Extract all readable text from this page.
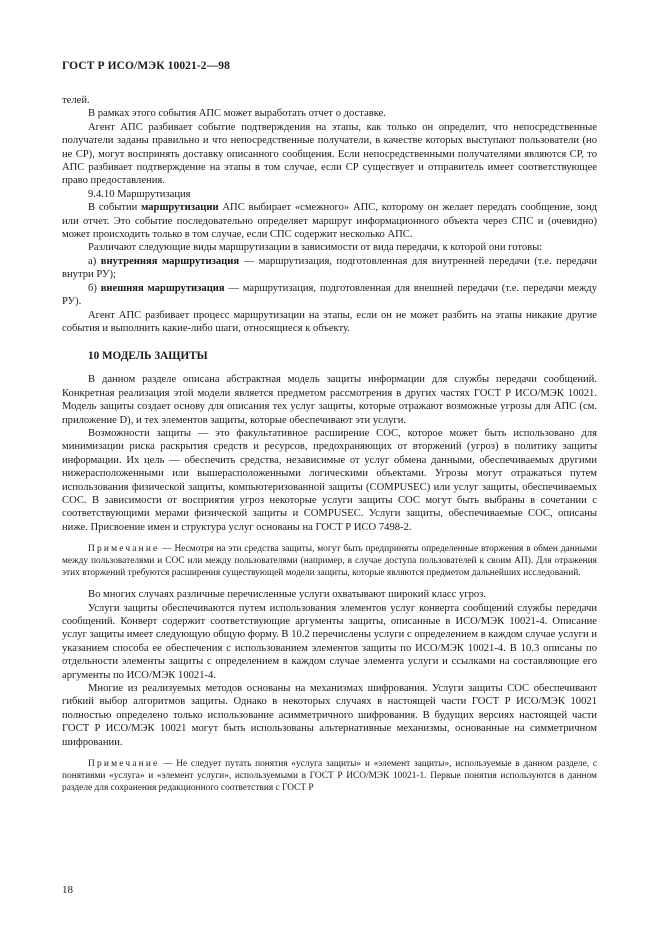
ГОСТ Р ИСО/МЭК 10021-2—98

телей.

В рамках этого события АПС может выработать отчет о доставке.

Агент АПС разбивает событие подтверждения на этапы, как только он определит, что непосредственные получатели заданы правильно и что непосредственные получатели, в качестве которых выступают пользователи (но не СР), могут воспринять доставку описанного сообщения. Если непосредственными получателями являются СР, то АПС разбивает подтверждение на этапы в том случае, если СР существует и отправитель имеет соответствующее право предоставления.

9.4.10 Маршрутизация

В событии маршрутизации АПС выбирает «смежного» АПС, которому он желает передать сообщение, зонд или отчет. Это событие последовательно определяет маршрут информационного объекта через СПС и (очевидно) может происходить только в том случае, если СПС содержит несколько АПС.

Различают следующие виды маршрутизации в зависимости от вида передачи, к которой они готовы:

а) внутренняя маршрутизация — маршрутизация, подготовленная для внутренней передачи (т.е. передачи внутри РУ);

б) внешняя маршрутизация — маршрутизация, подготовленная для внешней передачи (т.е. передачи между РУ).

Агент АПС разбивает процесс маршрутизации на этапы, если он не может разбить на этапы никакие другие события и выполнить какие-либо шаги, относящиеся к объекту.

10 МОДЕЛЬ ЗАЩИТЫ

В данном разделе описана абстрактная модель защиты информации для службы передачи сообщений. Конкретная реализация этой модели является предметом рассмотрения в других частях ГОСТ Р ИСО/МЭК 10021. Модель защиты создает основу для описания тех услуг защиты, которые отражают возможные угрозы для АПС (см. приложение D), и тех элементов защиты, которые обеспечивают эти услуги.

Возможности защиты — это факультативное расширение СОС, которое может быть использовано для минимизации риска раскрытия средств и ресурсов, предохраняющих от вторжений (угроз) в политику защиты информации. Их цель — обеспечить средства, независимые от услуг обмена данными, обеспечиваемых другими нижерасположенными или вышерасположенными логическими объектами. Угрозы могут отражаться путем использования физической защиты, компьютеризованной защиты (COMPUSEC) или услуг защиты, обеспечиваемых СОС. В зависимости от восприятия угроз некоторые услуги защиты СОС могут быть выбраны в сочетании с соответствующими мерами физической защиты и COMPUSEC. Услуги защиты, обеспечиваемые СОС, описаны ниже. Присвоение имен и структура услуг основаны на ГОСТ Р ИСО 7498-2.

Примечание — Несмотря на эти средства защиты, могут быть предприняты определенные вторжения в обмен данными между пользователями и СОС или между пользователями (например, в случае доступа пользователей к своим АП). Для отражения этих вторжений требуются расширения существующей модели защиты, которые являются предметом дальнейших исследований.

Во многих случаях различные перечисленные услуги охватывают широкий класс угроз.

Услуги защиты обеспечиваются путем использования элементов услуг конверта сообщений службы передачи сообщений. Конверт содержит соответствующие аргументы защиты, описанные в ИСО/МЭК 10021-4. Описание услуг защиты имеет следующую общую форму. В 10.2 перечислены услуги с определением в каждом случае услуги и указанием способа ее обеспечения с использованием элементов защиты по ИСО/МЭК 10021-4. В 10.3 описаны по отдельности элементы защиты с определением в каждом случае элемента услуги и ссылками на составляющие его аргументы по ИСО/МЭК 10021-4.

Многие из реализуемых методов основаны на механизмах шифрования. Услуги защиты СОС обеспечивают гибкий выбор алгоритмов защиты. Однако в некоторых случаях в настоящей части ГОСТ Р ИСО/МЭК 10021 полностью определено только использование асимметричного шифрования. В будущих версиях настоящей части ГОСТ Р ИСО/МЭК 10021 могут быть использованы альтернативные механизмы, основанные на симметричном шифровании.

Примечание — Не следует путать понятия «услуга защиты» и «элемент защиты», используемые в данном разделе, с понятиями «услуга» и «элемент услуги», используемыми в ГОСТ Р ИСО/МЭК 10021-1. Первые понятия используются в данном разделе для сохранения редакционного соответствия с ГОСТ Р
18
